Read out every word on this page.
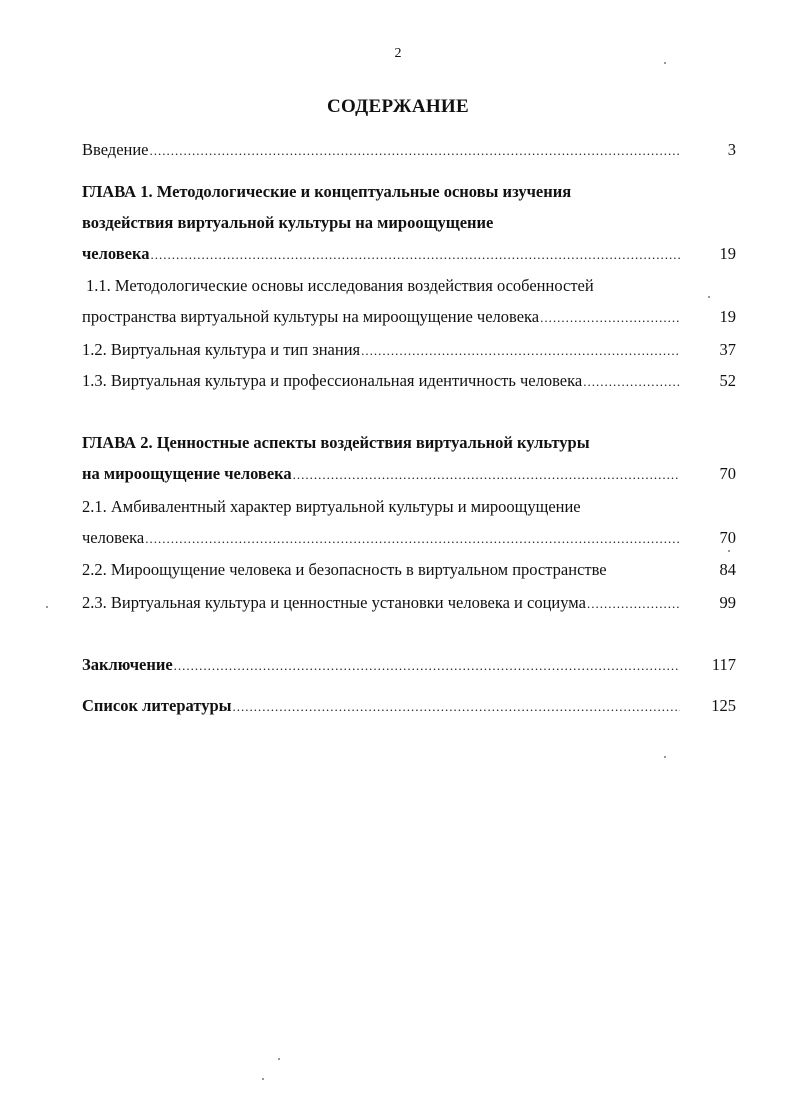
2
СОДЕРЖАНИЕ
Введение .....	3
ГЛАВА 1. Методологические и концептуальные основы изучения
воздействия виртуальной культуры на мироощущение
человека .....	19
1.1. Методологические основы исследования воздействия особенностей
пространства виртуальной культуры на мироощущение человека .....	19
1.2. Виртуальная культура и тип знания .....	37
1.3. Виртуальная культура и профессиональная идентичность человека .....	52
ГЛАВА 2. Ценностные аспекты воздействия виртуальной культуры
на мироощущение человека .....	70
2.1. Амбивалентный характер виртуальной культуры и мироощущение
человека .....	70
2.2. Мироощущение человека и безопасность в виртуальном пространстве	84
2.3. Виртуальная культура и ценностные установки человека и социума .....	99
Заключение .....	117
Список литературы .....	125
